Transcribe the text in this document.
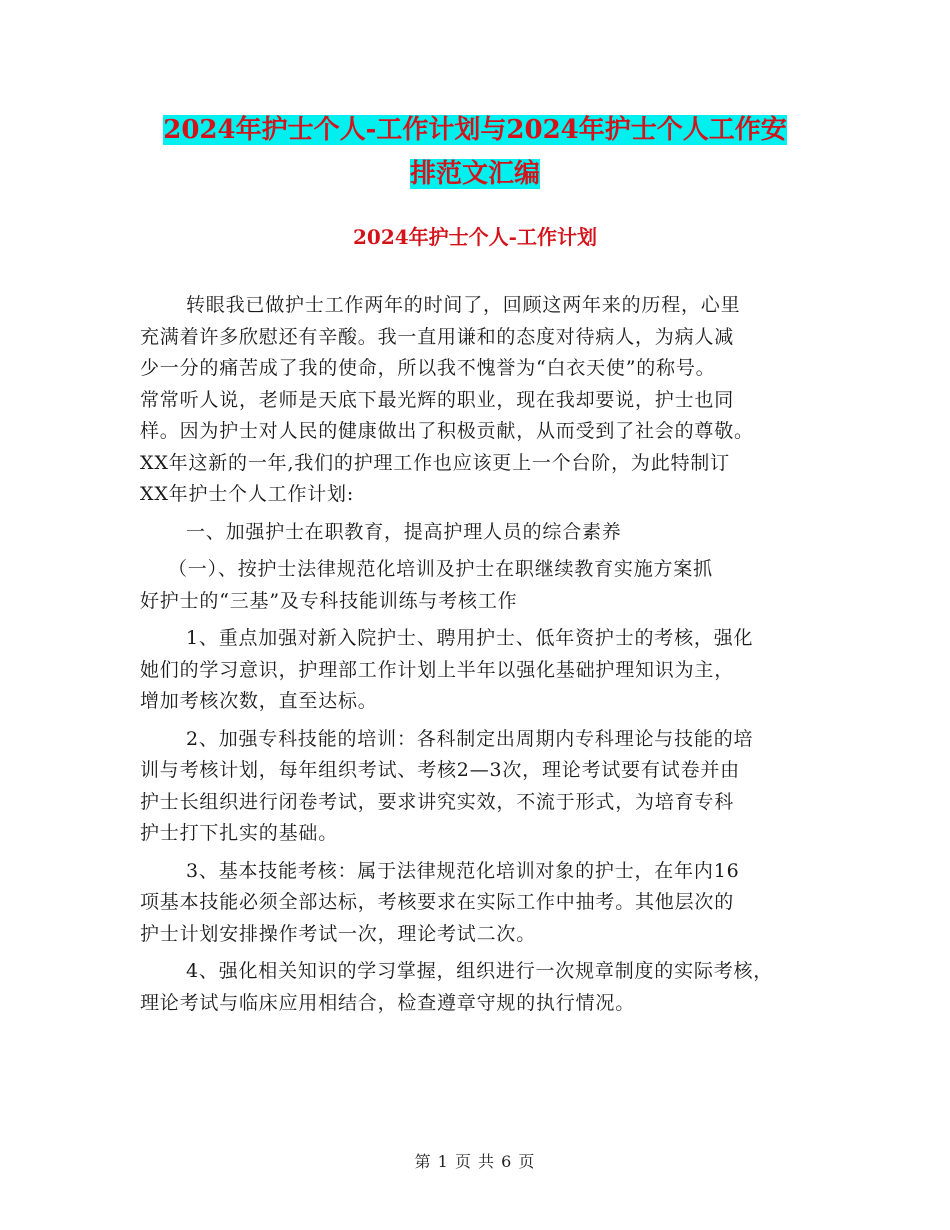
2024年护士个人-工作计划与2024年护士个人工作安
排范文汇编
2024年护士个人-工作计划

转眼我已做护士工作两年的时间了，回顾这两年来的历程，心里
充满着许多欣慰还有辛酸。我一直用谦和的态度对待病人，为病人减
少一分的痛苦成了我的使命，所以我不愧誉为“白衣天使”的称号。
常常听人说，老师是天底下最光辉的职业，现在我却要说，护士也同
样。因为护士对人民的健康做出了积极贡献，从而受到了社会的尊敬。
XX年这新的一年,我们的护理工作也应该更上一个台阶，为此特制订
XX年护士个人工作计划:

一、加强护士在职教育，提高护理人员的综合素养

（一）、按护士法律规范化培训及护士在职继续教育实施方案抓
好护士的“三基”及专科技能训练与考核工作

1、重点加强对新入院护士、聘用护士、低年资护士的考核，强化
她们的学习意识，护理部工作计划上半年以强化基础护理知识为主，
增加考核次数，直至达标。

2、加强专科技能的培训：各科制定出周期内专科理论与技能的培
训与考核计划，每年组织考试、考核2—3次，理论考试要有试卷并由
护士长组织进行闭卷考试，要求讲究实效，不流于形式，为培育专科
护士打下扎实的基础。

3、基本技能考核：属于法律规范化培训对象的护士，在年内16
项基本技能必须全部达标，考核要求在实际工作中抽考。其他层次的
护士计划安排操作考试一次，理论考试二次。

4、强化相关知识的学习掌握，组织进行一次规章制度的实际考核，
理论考试与临床应用相结合，检查遵章守规的执行情况。

第 1 页 共 6 页
